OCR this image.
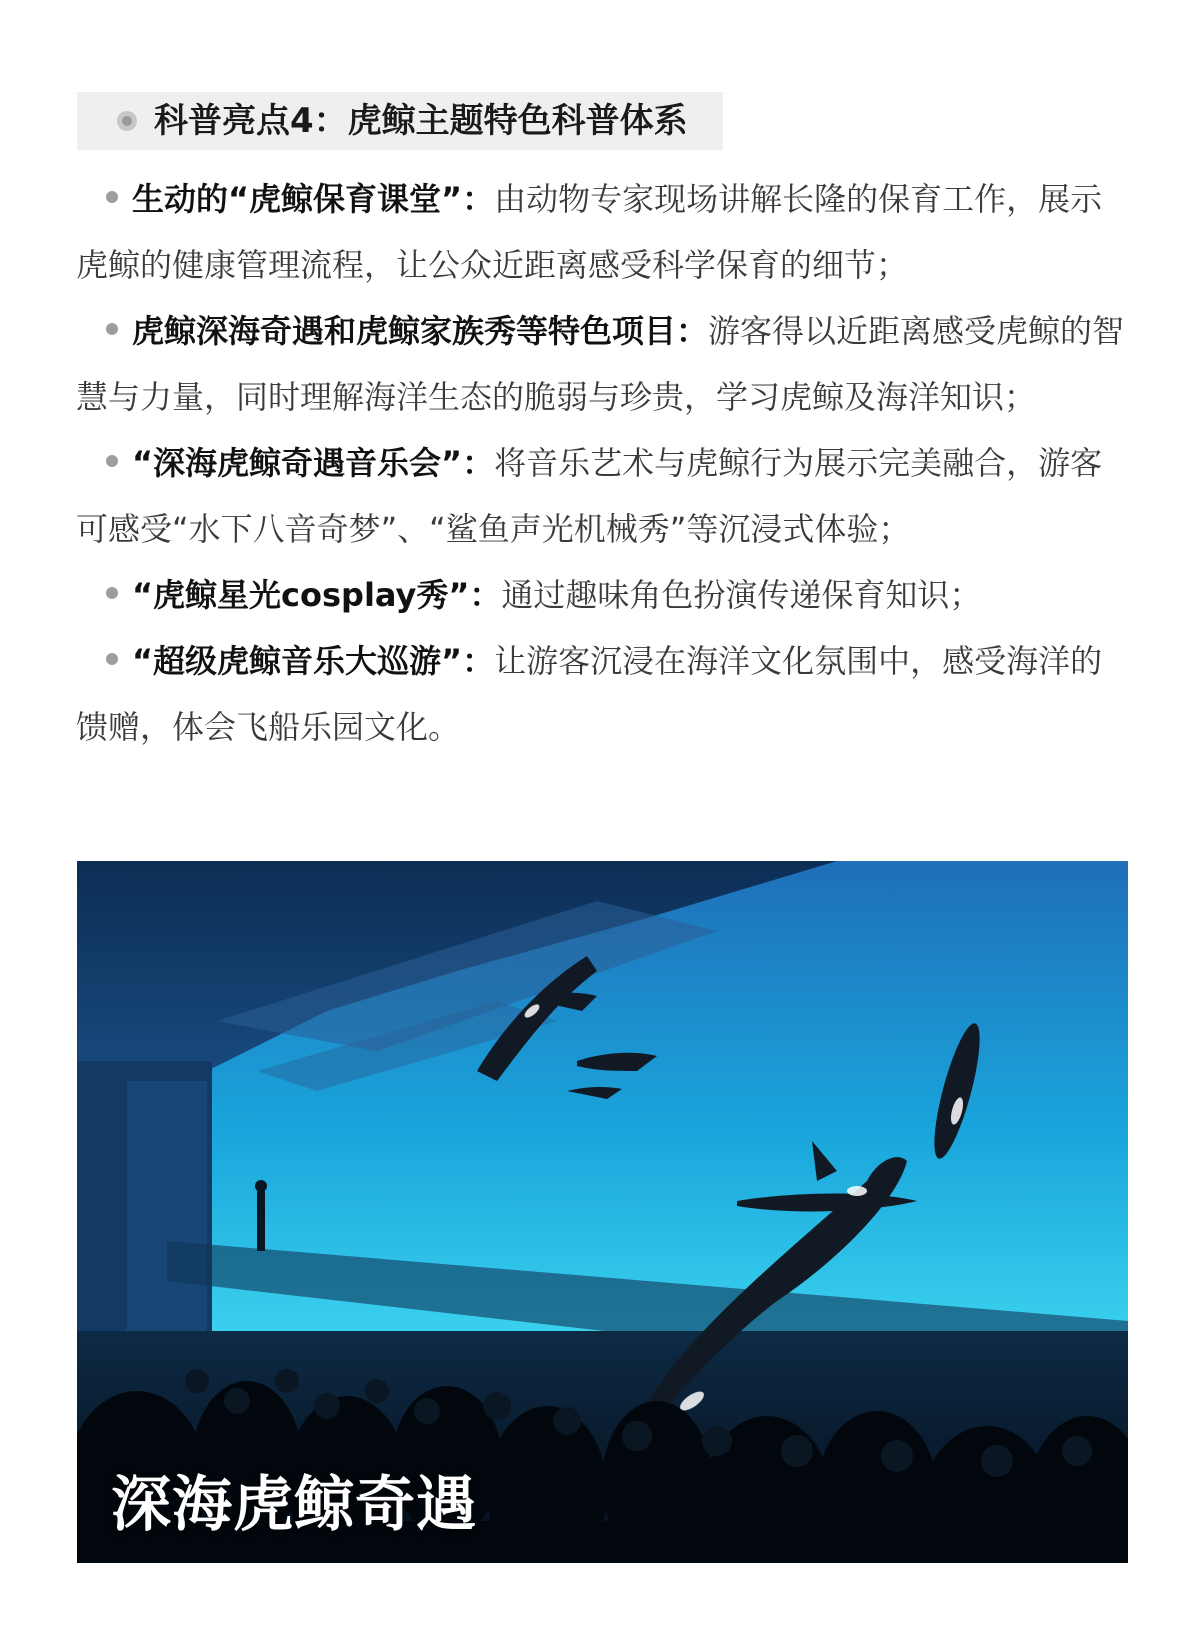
科普亮点4：虎鲸主题特色科普体系

生动的“虎鲸保育课堂”：由动物专家现场讲解长隆的保育工作，展示虎鲸的健康管理流程，让公众近距离感受科学保育的细节；

虎鲸深海奇遇和虎鲸家族秀等特色项目：游客得以近距离感受虎鲸的智慧与力量，同时理解海洋生态的脆弱与珍贵，学习虎鲸及海洋知识；

“深海虎鲸奇遇音乐会”：将音乐艺术与虎鲸行为展示完美融合，游客可感受“水下八音奇梦”、“鲨鱼声光机械秀”等沉浸式体验；

“虎鲸星光cosplay秀”：通过趣味角色扮演传递保育知识；

“超级虎鲸音乐大巡游”：让游客沉浸在海洋文化氛围中，感受海洋的馈赠，体会飞船乐园文化。

深海虎鲸奇遇
